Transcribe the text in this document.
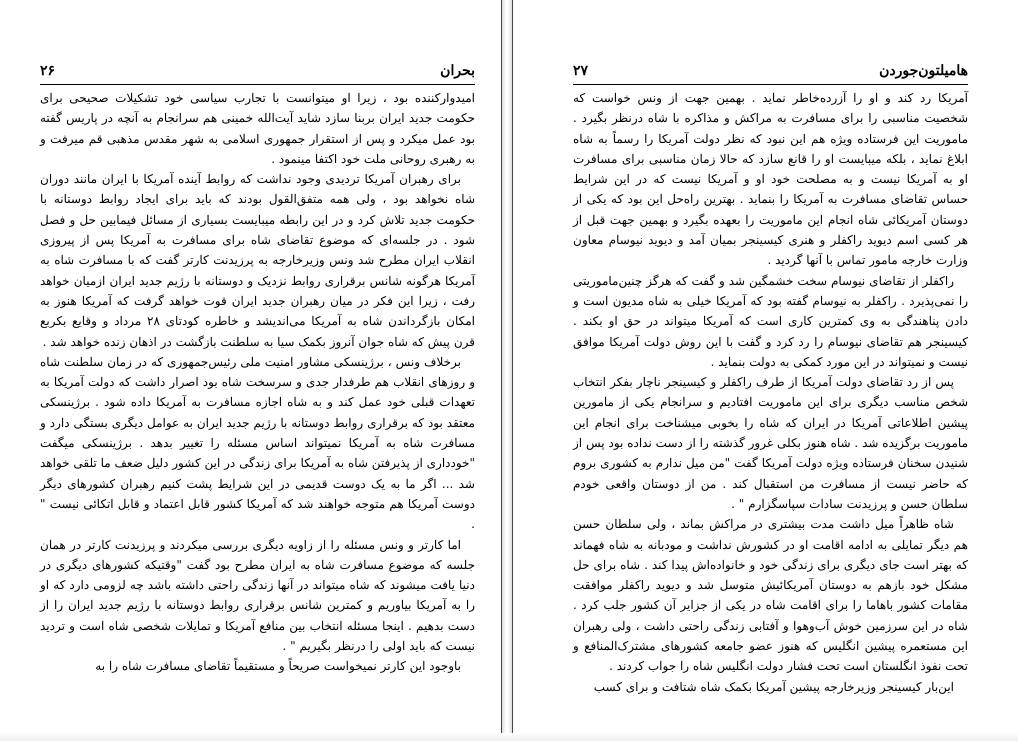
بحران
۲۶

امیدوارکننده بود ، زیرا او میتوانست با تجارب سیاسی خود تشکیلات صحیحی برای حکومت جدید ایران بربنا سازد شاید آیت‌الله خمینی هم سرانجام به آنچه در پاریس گفته بود عمل میکرد و پس از استقرار جمهوری اسلامی به شهر مقدس مذهبی قم میرفت و به رهبری روحانی ملت خود اکتفا مینمود .

برای رهبران آمریکا تردیدی وجود نداشت که روابط آینده آمریکا با ایران مانند دوران شاه نخواهد بود ، ولی همه متفق‌القول بودند که باید برای ایجاد روابط دوستانه با حکومت جدید تلاش کرد و در این رابطه میبایست بسیاری از مسائل فیمابین حل و فصل شود . در جلسه‌ای که موضوع تقاضای شاه برای مسافرت به آمریکا پس از پیروزی انقلاب ایران مطرح شد ونس وزیرخارجه به پرزیدنت کارتر گفت که با مسافرت شاه به آمریکا هرگونه شانس برقراری روابط نزدیک و دوستانه با رژیم جدید ایران ازمیان خواهد رفت ، زیرا این فکر در میان رهبران جدید ایران قوت خواهد گرفت که آمریکا هنوز به امکان بازگرداندن شاه به آمریکا می‌اندیشد و خاطره کودتای ۲۸ مرداد و وقایع بکربع قرن پیش که شاه جوان آنروز بکمک سیا به سلطنت بازگشت در اذهان زنده خواهد شد .

برخلاف ونس ، برژینسکی مشاور امنیت ملی رئیس‌جمهوری که در زمان سلطنت شاه و روزهای انقلاب هم طرفدار جدی و سرسخت شاه بود اصرار داشت که دولت آمریکا به تعهدات قبلی خود عمل کند و به شاه اجازه مسافرت به آمریکا داده شود . برژینسکی معتقد بود که برقراری روابط دوستانه با رژیم جدید ایران به عوامل دیگری بستگی دارد و مسافرت شاه به آمریکا نمیتواند اساس مسئله را تغییر بدهد . برژینسکی میگفت "خودداری از پذیرفتن شاه به آمریکا برای زندگی در این کشور دلیل ضعف ما تلقی خواهد شد ... اگر ما به یک دوست قدیمی در این شرایط پشت کنیم رهبران کشورهای دیگر دوست آمریکا هم متوجه خواهند شد که آمریکا کشور قابل اعتماد و قابل اتکائی نیست " .

اما کارتر و ونس مسئله را از زاویه دیگری بررسی میکردند و پرزیدنت کارتر در همان جلسه که موضوع مسافرت شاه به ایران مطرح بود گفت "وقتیکه کشورهای دیگری در دنیا یافت میشوند که شاه میتواند در آنها زندگی راحتی داشته باشد چه لزومی دارد که او را به آمریکا بیاوریم و کمترین شانس برقراری روابط دوستانه با رژیم جدید ایران را از دست بدهیم . اینجا مسئله انتخاب بین منافع آمریکا و تمایلات شخصی شاه است و تردید نیست که باید اولی را درنظر بگیریم " .

باوجود این کارتر نمیخواست صریحاً و مستقیماً تقاضای مسافرت شاه را به

هامیلتون‌جوردن
۲۷

آمریکا رد کند و او را آزرده‌خاطر نماید . بهمین جهت از ونس خواست که شخصیت مناسبی را برای مسافرت به مراکش و مذاکره با شاه درنظر بگیرد . ماموریت این فرستاده ویژه هم این نبود که نظر دولت آمریکا را رسماً به شاه ابلاغ نماید ، بلکه میبایست او را قانع سازد که حالا زمان مناسبی برای مسافرت او به آمریکا نیست و به مصلحت خود او و آمریکا نیست که در این شرایط حساس تقاضای مسافرت به آمریکا را بنماید . بهترین راه‌حل این بود که یکی از دوستان آمریکائی شاه انجام این ماموریت را بعهده بگیرد و بهمین جهت قبل از هر کسی اسم دیوید راکفلر و هنری کیسینجر بمیان آمد و دیوید نیوسام معاون وزارت خارجه مامور تماس با آنها گردید .

راکفلر از تقاضای نیوسام سخت خشمگین شد و گفت که هرگز چنین‌ماموریتی را نمی‌پذیرد . راکفلر به نیوسام گفته بود که آمریکا خیلی به شاه مدیون است و دادن پناهندگی به وی کمترین کاری است که آمریکا میتواند در حق او بکند . کیسینجر هم تقاضای نیوسام را رد کرد و گفت با این روش دولت آمریکا موافق نیست و نمیتواند در این مورد کمکی به دولت بنماید .

پس از رد تقاضای دولت آمریکا از طرف راکفلر و کیسینجر ناچار بفکر انتخاب شخص مناسب دیگری برای این ماموریت افتادیم و سرانجام یکی از مامورین پیشین اطلاعاتی آمریکا در ایران که شاه را بخوبی میشناخت برای انجام این ماموریت برگزیده شد . شاه هنوز بکلی غرور گذشته را از دست نداده بود پس از شنیدن سخنان فرستاده ویژه دولت آمریکا گفت "من میل ندارم به کشوری بروم که حاضر نیست از مسافرت من استقبال کند . من از دوستان واقعی خودم سلطان حسن و پرزیدنت سادات سپاسگزارم " .

شاه ظاهراً میل داشت مدت بیشتری در مراکش بماند ، ولی سلطان حسن هم دیگر تمایلی به ادامه اقامت او در کشورش نداشت و مودبانه به شاه فهماند که بهتر است جای دیگری برای زندگی خود و خانواده‌اش پیدا کند . شاه برای حل مشکل خود بازهم به دوستان آمریکائیش متوسل شد و دیوید راکفلر موافقت مقامات کشور باهاما را برای اقامت شاه در یکی از جزایر آن کشور جلب کرد . شاه در این سرزمین خوش آب‌وهوا و آفتابی زندگی راحتی داشت ، ولی رهبران این مستعمره پیشین انگلیس که هنوز عضو جامعه کشورهای مشترک‌المنافع و تحت نفوذ انگلستان است تحت فشار دولت انگلیس شاه را جواب کردند .

این‌بار کیسینجر وزیرخارجه پیشین آمریکا بکمک شاه شتافت و برای کسب
